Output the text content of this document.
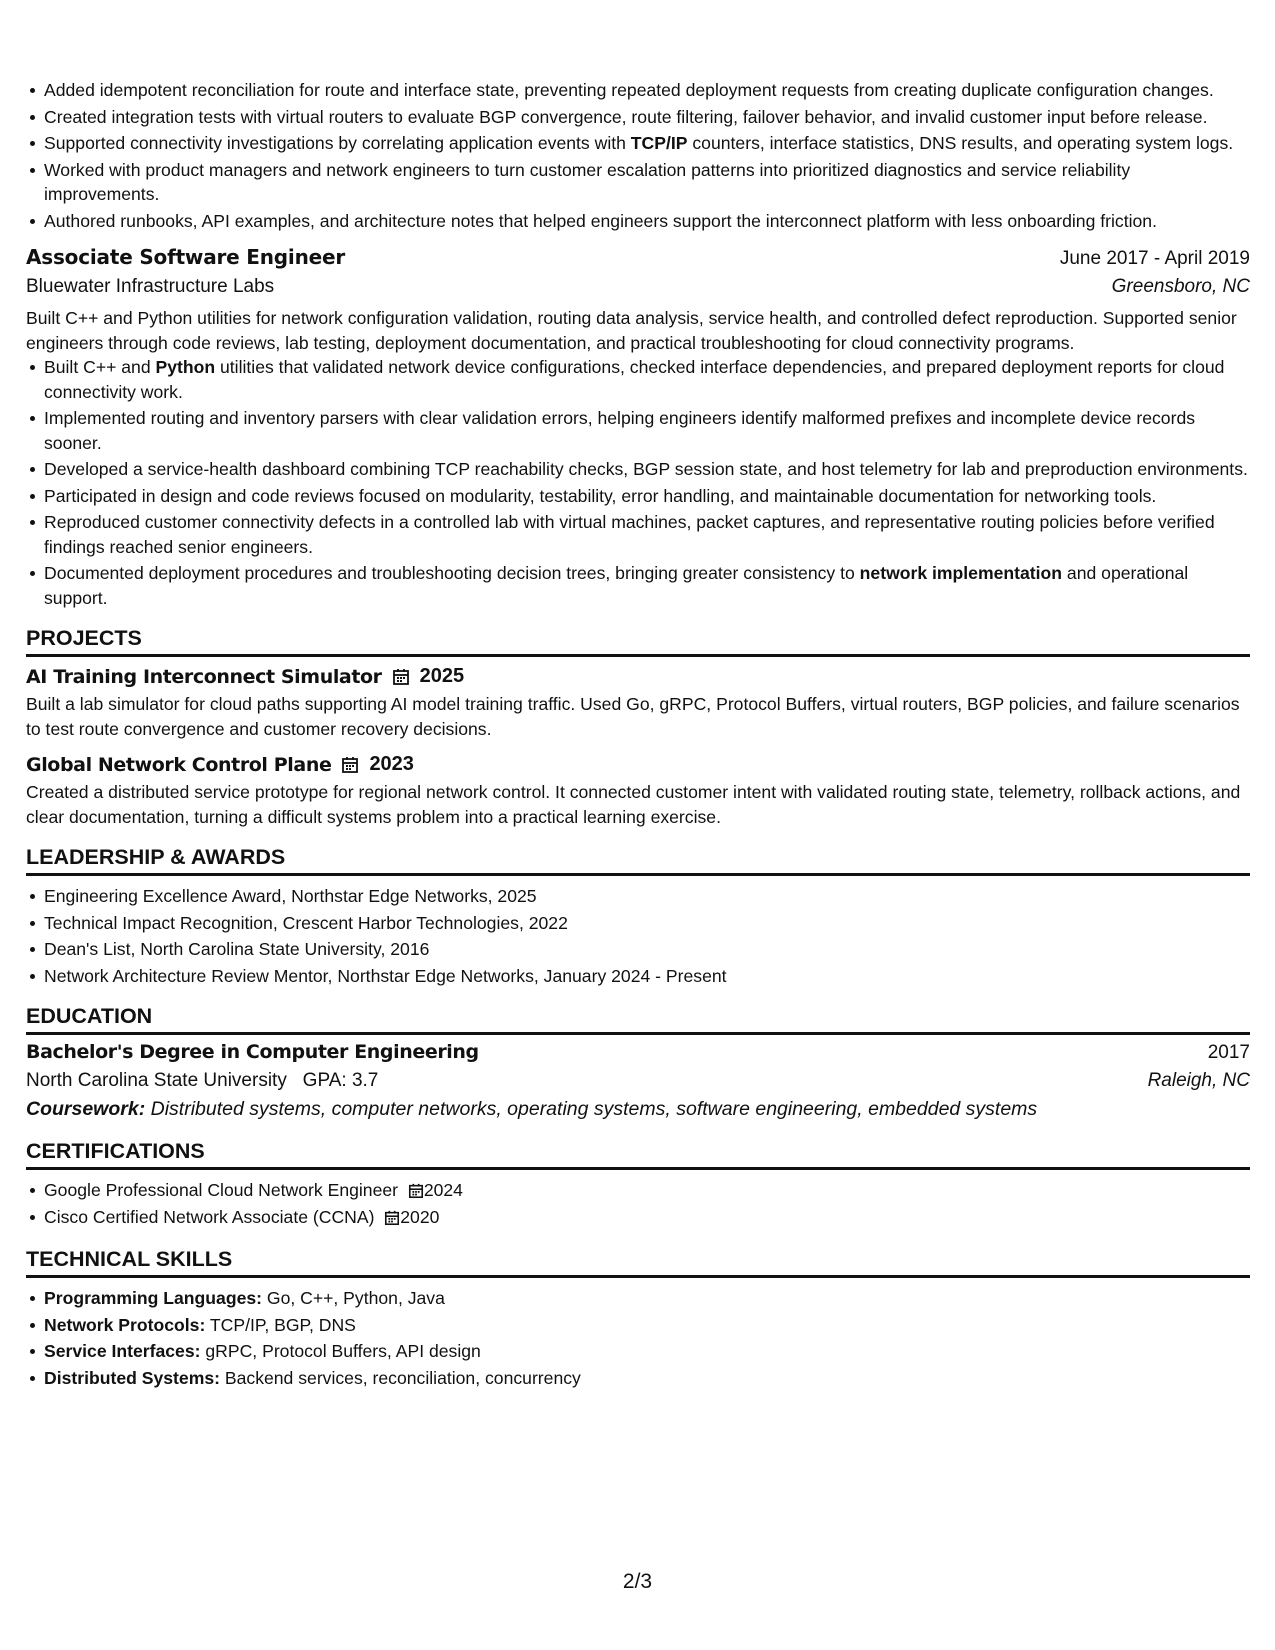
Added idempotent reconciliation for route and interface state, preventing repeated deployment requests from creating duplicate configuration changes.
Created integration tests with virtual routers to evaluate BGP convergence, route filtering, failover behavior, and invalid customer input before release.
Supported connectivity investigations by correlating application events with TCP/IP counters, interface statistics, DNS results, and operating system logs.
Worked with product managers and network engineers to turn customer escalation patterns into prioritized diagnostics and service reliability improvements.
Authored runbooks, API examples, and architecture notes that helped engineers support the interconnect platform with less onboarding friction.
Associate Software Engineer	June 2017 - April 2019
Bluewater Infrastructure Labs	Greensboro, NC

Built C++ and Python utilities for network configuration validation, routing data analysis, service health, and controlled defect reproduction. Supported senior engineers through code reviews, lab testing, deployment documentation, and practical troubleshooting for cloud connectivity programs.

Built C++ and Python utilities that validated network device configurations, checked interface dependencies, and prepared deployment reports for cloud connectivity work.
Implemented routing and inventory parsers with clear validation errors, helping engineers identify malformed prefixes and incomplete device records sooner.
Developed a service-health dashboard combining TCP reachability checks, BGP session state, and host telemetry for lab and preproduction environments.
Participated in design and code reviews focused on modularity, testability, error handling, and maintainable documentation for networking tools.
Reproduced customer connectivity defects in a controlled lab with virtual machines, packet captures, and representative routing policies before verified findings reached senior engineers.
Documented deployment procedures and troubleshooting decision trees, bringing greater consistency to network implementation and operational support.
PROJECTS
AI Training Interconnect Simulator 2025
Built a lab simulator for cloud paths supporting AI model training traffic. Used Go, gRPC, Protocol Buffers, virtual routers, BGP policies, and failure scenarios to test route convergence and customer recovery decisions.
Global Network Control Plane 2023
Created a distributed service prototype for regional network control. It connected customer intent with validated routing state, telemetry, rollback actions, and clear documentation, turning a difficult systems problem into a practical learning exercise.
LEADERSHIP & AWARDS
Engineering Excellence Award, Northstar Edge Networks, 2025
Technical Impact Recognition, Crescent Harbor Technologies, 2022
Dean's List, North Carolina State University, 2016
Network Architecture Review Mentor, Northstar Edge Networks, January 2024 - Present
EDUCATION
Bachelor's Degree in Computer Engineering	2017
North Carolina State University GPA: 3.7	Raleigh, NC
Coursework: Distributed systems, computer networks, operating systems, software engineering, embedded systems
CERTIFICATIONS
Google Professional Cloud Network Engineer 2024
Cisco Certified Network Associate (CCNA) 2020
TECHNICAL SKILLS
Programming Languages: Go, C++, Python, Java
Network Protocols: TCP/IP, BGP, DNS
Service Interfaces: gRPC, Protocol Buffers, API design
Distributed Systems: Backend services, reconciliation, concurrency
2/3
